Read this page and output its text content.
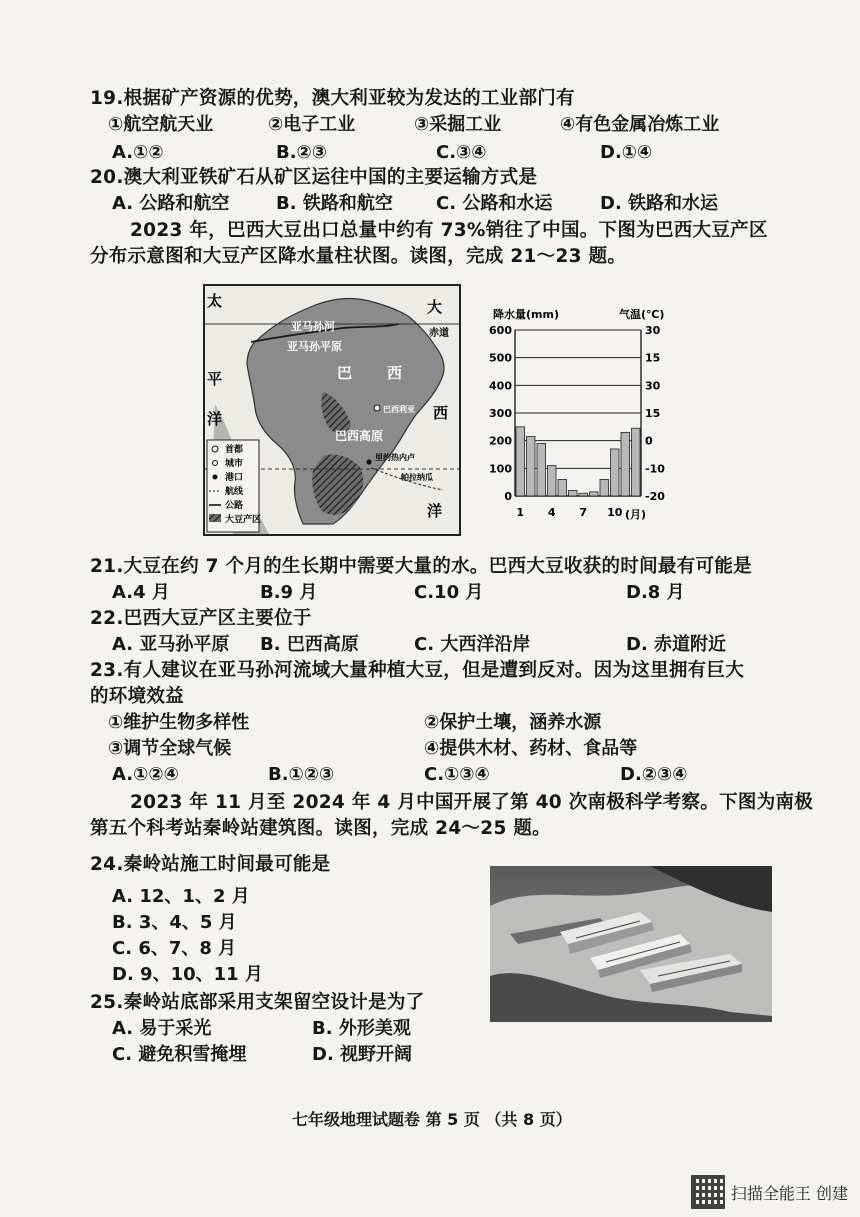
19.根据矿产资源的优势，澳大利亚较为发达的工业部门有
①航空航天业	②电子工业	③采掘工业	④有色金属冶炼工业
A.①②	B.②③	C.③④	D.①④
20.澳大利亚铁矿石从矿区运往中国的主要运输方式是
A. 公路和航空	B. 铁路和航空 C. 公路和水运	D. 铁路和水运
2023 年，巴西大豆出口总量中约有 73%销往了中国。下图为巴西大豆产区
分布示意图和大豆产区降水量柱状图。读图，完成 21～23 题。
太
平
洋
大
西
洋
赤道
亚马孙河
亚马孙平原
巴 西
巴西利亚
巴西高原
里约热内卢
帕拉纳瓜
首都
城市
港口
航线
公路
大豆产区
降水量(mm)	气温(℃)
0
100
200
300
400
500
600
-20
-10
0
15
30
15
30
1 4 7 10 (月)
21.大豆在约 7 个月的生长期中需要大量的水。巴西大豆收获的时间最有可能是
A.4 月	B.9 月	C.10 月	D.8 月
22.巴西大豆产区主要位于
A. 亚马孙平原 B. 巴西高原	C. 大西洋沿岸	D. 赤道附近
23.有人建议在亚马孙河流域大量种植大豆，但是遭到反对。因为这里拥有巨大
的环境效益
①维护生物多样性	②保护土壤，涵养水源
③调节全球气候	④提供木材、药材、食品等
A.①②④	B.①②③	C.①③④	D.②③④
2023 年 11 月至 2024 年 4 月中国开展了第 40 次南极科学考察。下图为南极
第五个科考站秦岭站建筑图。读图，完成 24～25 题。
24.秦岭站施工时间最可能是
A. 12、1、2 月
B. 3、4、5 月
C. 6、7、8 月
D. 9、10、11 月
25.秦岭站底部采用支架留空设计是为了
A. 易于采光	B. 外形美观
C. 避免积雪掩埋	D. 视野开阔
七年级地理试题卷 第 5 页 （共 8 页）
扫描全能王 创建
